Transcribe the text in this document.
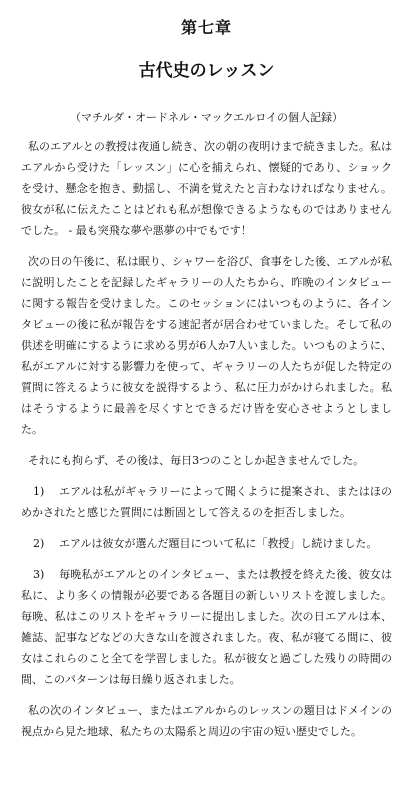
第七章
古代史のレッスン

（マチルダ・オードネル・マックエルロイの個人記録）

私のエアルとの教授は夜通し続き、次の朝の夜明けまで続きました。私はエアルから受けた「レッスン」に心を捕えられ、懐疑的であり、ショックを受け、懸念を抱き、動揺し、不満を覚えたと言わなければなりません。彼女が私に伝えたことはどれも私が想像できるようなものではありませんでした。 - 最も突飛な夢や悪夢の中でもです！

次の日の午後に、私は眠り、シャワーを浴び、食事をした後、エアルが私に説明したことを記録したギャラリーの人たちから、昨晩のインタビューに関する報告を受けました。このセッションにはいつものように、各インタビューの後に私が報告をする速記者が居合わせていました。そして私の供述を明確にするように求める男が6人か7人いました。いつものように、私がエアルに対する影響力を使って、ギャラリーの人たちが促した特定の質問に答えるように彼女を説得するよう、私に圧力がかけられました。私はそうするように最善を尽くすとできるだけ皆を安心させようとしました。

それにも拘らず、その後は、毎日3つのことしか起きませんでした。

1) エアルは私がギャラリーによって聞くように提案され、またはほのめかされたと感じた質問には断固として答えるのを拒否しました。

2) エアルは彼女が選んだ題目について私に「教授」し続けました。

3) 毎晩私がエアルとのインタビュー、または教授を終えた後、彼女は私に、より多くの情報が必要である各題目の新しいリストを渡しました。毎晩、私はこのリストをギャラリーに提出しました。次の日エアルは本、雑誌、記事などなどの大きな山を渡されました。夜、私が寝てる間に、彼女はこれらのこと全てを学習しました。私が彼女と過ごした残りの時間の間、このパターンは毎日繰り返されました。

私の次のインタビュー、またはエアルからのレッスンの題目はドメインの視点から見た地球、私たちの太陽系と周辺の宇宙の短い歴史でした。
